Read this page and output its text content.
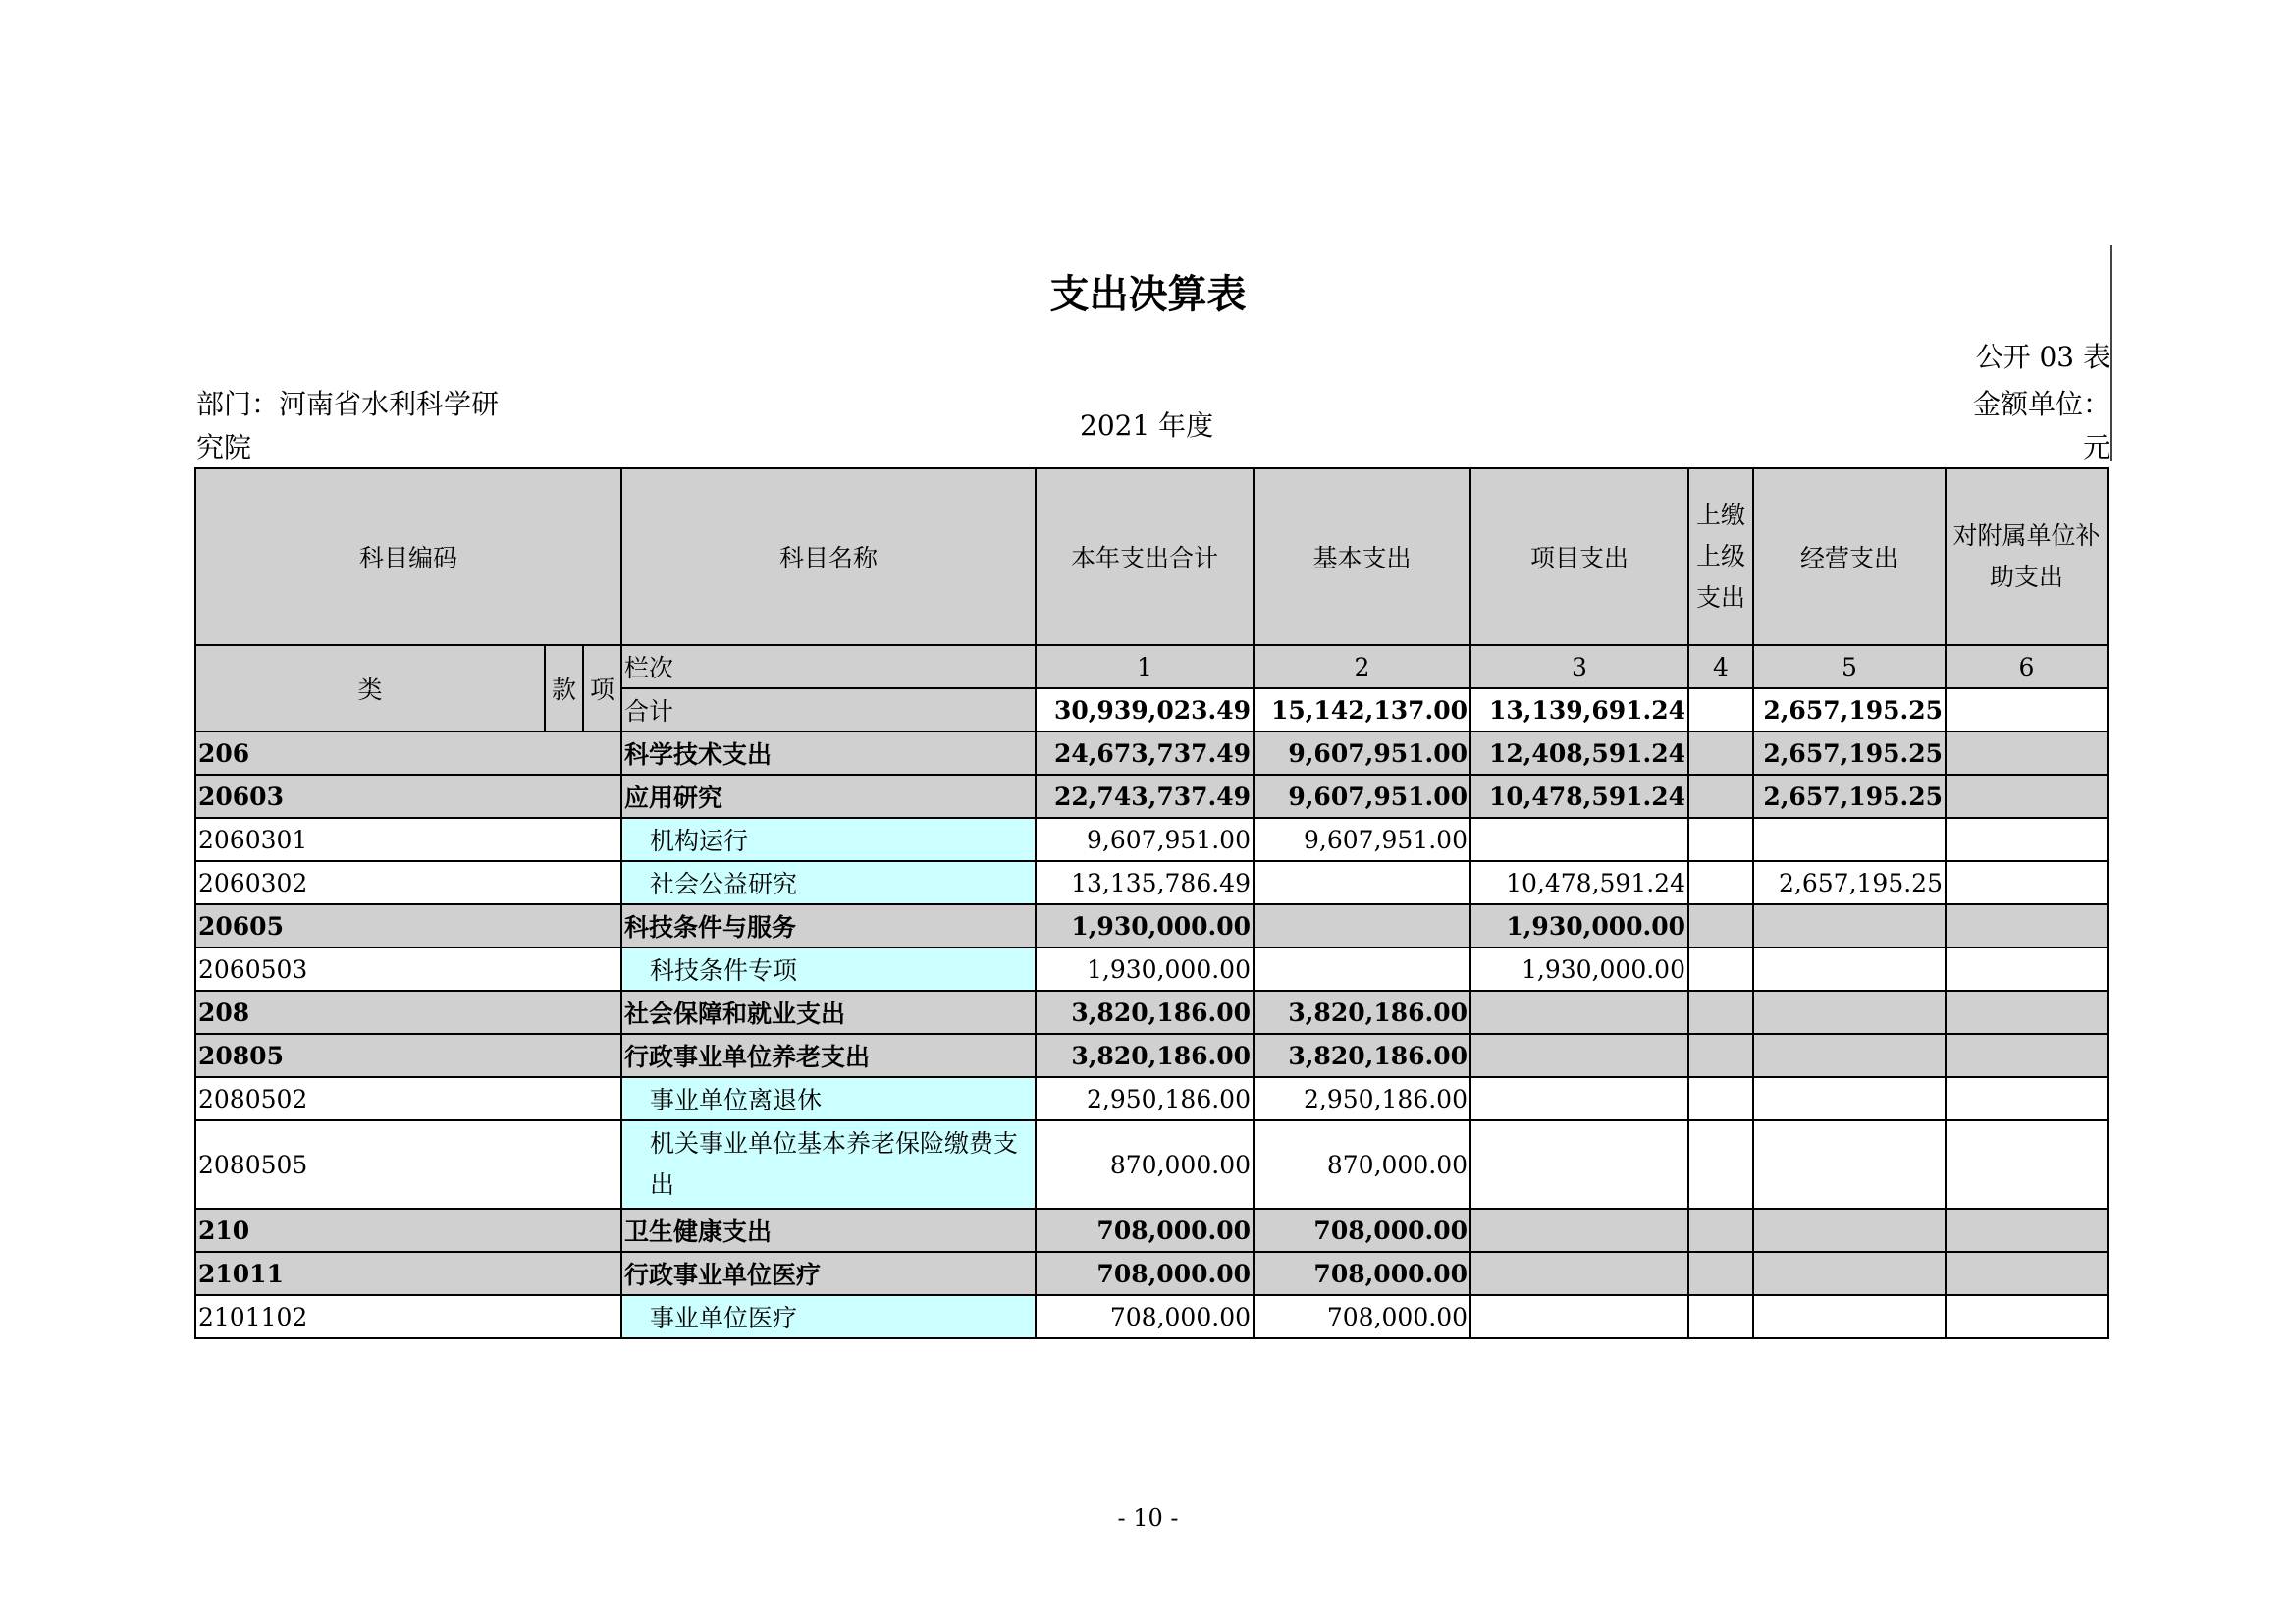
支出决算表
公开 03 表
部门：河南省水利科学研
究院
2021 年度
金额单位：
元
科目编码			科目名称	本年支出合计	基本支出	项目支出	上缴上级支出	经营支出	对附属单位补助支出
类	款	项	栏次	1	2	3	4	5	6
			合计	30,939,023.49	15,142,137.00	13,139,691.24		2,657,195.25	
206			科学技术支出	24,673,737.49	9,607,951.00	12,408,591.24		2,657,195.25	
20603			应用研究	22,743,737.49	9,607,951.00	10,478,591.24		2,657,195.25	
2060301			机构运行	9,607,951.00	9,607,951.00				
2060302			社会公益研究	13,135,786.49		10,478,591.24		2,657,195.25	
20605			科技条件与服务	1,930,000.00		1,930,000.00			
2060503			科技条件专项	1,930,000.00		1,930,000.00			
208			社会保障和就业支出	3,820,186.00	3,820,186.00				
20805			行政事业单位养老支出	3,820,186.00	3,820,186.00				
2080502			事业单位离退休	2,950,186.00	2,950,186.00				
2080505			机关事业单位基本养老保险缴费支出	870,000.00	870,000.00				
210			卫生健康支出	708,000.00	708,000.00				
21011			行政事业单位医疗	708,000.00	708,000.00				
2101102			事业单位医疗	708,000.00	708,000.00				
- 10 -
